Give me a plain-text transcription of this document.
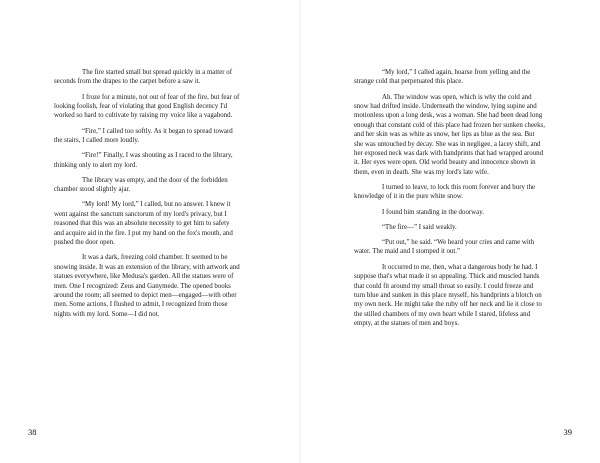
The fire started small but spread quickly in a matter of seconds from the drapes to the carpet before a saw it.

I froze for a minute, not out of fear of the fire, but fear of looking foolish, fear of violating that good English decency I'd worked so hard to cultivate by raising my voice like a vagabond.

“Fire,” I called too softly. As it began to spread toward the stairs, I called more loudly.

“Fire!” Finally, I was shouting as I raced to the library, thinking only to alert my lord.

The library was empty, and the door of the forbidden chamber stood slightly ajar.

“My lord! My lord,” I called, but no answer. I knew it went against the sanctum sanctorum of my lord's privacy, but I reasoned that this was an absolute necessity to get him to safety and acquire aid in the fire. I put my hand on the fox's mouth, and pushed the door open.

It was a dark, freezing cold chamber. It seemed to be snowing inside. It was an extension of the library, with artwork and statues everywhere, like Medusa's garden. All the statues were of men. One I recognized: Zeus and Ganymede. The opened books around the room; all seemed to depict men—engaged—with other men. Some actions, I flushed to admit, I recognized from those nights with my lord. Some—I did not.

38

“My lord,” I called again, hoarse from yelling and the strange cold that perpetuated this place.

Ah. The window was open, which is why the cold and snow had drifted inside. Underneath the window, lying supine and motionless upon a long desk, was a woman. She had been dead long enough that constant cold of this place had frozen her sunken cheeks, and her skin was as white as snow, her lips as blue as the sea. But she was untouched by decay. She was in negligee, a lacey shift, and her exposed neck was dark with handprints that had wrapped around it. Her eyes were open. Old world beauty and innocence shown in them, even in death. She was my lord's late wife.

I turned to leave, to lock this room forever and bury the knowledge of it in the pure white snow.

I found him standing in the doorway.

“The fire—” I said weakly.

“Put out,” he said. “We heard your cries and came with water. The maid and I stomped it out.”

It occurred to me, then, what a dangerous body he had. I suppose that's what made it so appealing. Thick and muscled hands that could fit around my small throat so easily. I could freeze and turn blue and sunken in this place myself, his handprints a blotch on my own neck. He might take the ruby off her neck and lie it close to the stilled chambers of my own heart while I stared, lifeless and empty, at the statues of men and boys.

39
